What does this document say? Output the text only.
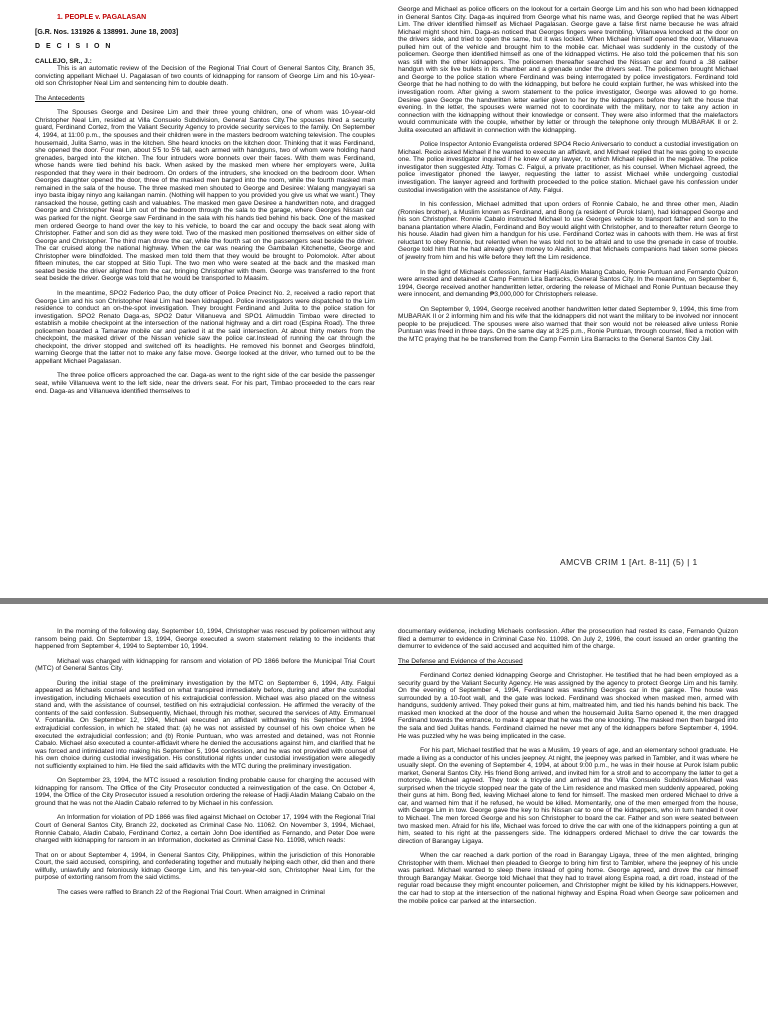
1. PEOPLE v. PAGALASAN

[G.R. Nos. 131926 & 138991. June 18, 2003]

D E C I S I O N

CALLEJO, SR., J.:

This is an automatic review of the Decision of the Regional Trial Court of General Santos City, Branch 35, convicting appellant Michael U. Pagalasan of two counts of kidnapping for ransom of George Lim and his 10-year-old son Christopher Neal Lim and sentencing him to double death.

The Antecedents

The Spouses George and Desiree Lim and their three young children, one of whom was 10-year-old Christopher Neal Lim, resided at Villa Consuelo Subdivision, General Santos City.The spouses hired a security guard, Ferdinand Cortez, from the Valiant Security Agency to provide security services to the family. On September 4, 1994, at 11:00 p.m., the spouses and their children were in the masters bedroom watching television. The couples housemaid, Julita Sarno, was in the kitchen. She heard knocks on the kitchen door. Thinking that it was Ferdinand, she opened the door. Four men, about 5'5 to 5'6 tall, each armed with handguns, two of whom were holding hand grenades, barged into the kitchen. The four intruders wore bonnets over their faces. With them was Ferdinand, whose hands were tied behind his back. When asked by the masked men where her employers were, Julita responded that they were in their bedroom. On orders of the intruders, she knocked on the bedroom door. When Georges daughter opened the door, three of the masked men barged into the room, while the fourth masked man remained in the sala of the house. The three masked men shouted to George and Desiree: Walang mangyayari sa inyo basta ibigay ninyo ang kailangan namin. (Nothing will happen to you provided you give us what we want.) They ransacked the house, getting cash and valuables. The masked men gave Desiree a handwritten note, and dragged George and Christopher Neal Lim out of the bedroom through the sala to the garage, where Georges Nissan car was parked for the night. George saw Ferdinand in the sala with his hands tied behind his back. One of the masked men ordered George to hand over the key to his vehicle, to board the car and occupy the back seat along with Christopher. Father and son did as they were told. Two of the masked men positioned themselves on either side of George and Christopher. The third man drove the car, while the fourth sat on the passengers seat beside the driver. The car cruised along the national highway. When the car was nearing the Gambalan Kitchenette, George and Christopher were blindfolded. The masked men told them that they would be brought to Polomolok. After about fifteen minutes, the car stopped at Sitio Tupi. The two men who were seated at the back and the masked man seated beside the driver alighted from the car, bringing Christopher with them. George was transferred to the front seat beside the driver. George was told that he would be transported to Maasim.

In the meantime, SPO2 Federico Pao, the duty officer of Police Precinct No. 2, received a radio report that George Lim and his son Christopher Neal Lim had been kidnapped. Police investigators were dispatched to the Lim residence to conduct an on-the-spot investigation. They brought Ferdinand and Julita to the police station for investigation. SPO2 Renato Daga-as, SPO2 Datur Villanueva and SPO1 Alimuddin Timbao were directed to establish a mobile checkpoint at the intersection of the national highway and a dirt road (Espina Road). The three policemen boarded a Tamaraw mobile car and parked it at the said intersection. At about thirty meters from the checkpoint, the masked driver of the Nissan vehicle saw the police car.Instead of running the car through the checkpoint, the driver stopped and switched off its headlights. He removed his bonnet and Georges blindfold, warning George that the latter not to make any false move. George looked at the driver, who turned out to be the appellant Michael Pagalasan.

The three police officers approached the car. Daga-as went to the right side of the car beside the passenger seat, while Villanueva went to the left side, near the drivers seat. For his part, Timbao proceeded to the cars rear end. Daga-as and Villanueva identified themselves to

George and Michael as police officers on the lookout for a certain George Lim and his son who had been kidnapped in General Santos City. Daga-as inquired from George what his name was, and George replied that he was Albert Lim. The driver identified himself as Michael Pagalasan. George gave a false first name because he was afraid Michael might shoot him. Daga-as noticed that Georges fingers were trembling. Villanueva knocked at the door on the drivers side, and tried to open the same, but it was locked. When Michael himself opened the door, Villanueva pulled him out of the vehicle and brought him to the mobile car. Michael was suddenly in the custody of the policemen. George then identified himself as one of the kidnapped victims. He also told the policemen that his son was still with the other kidnappers. The policemen thereafter searched the Nissan car and found a .38 caliber handgun with six live bullets in its chamber and a grenade under the drivers seat. The policemen brought Michael and George to the police station where Ferdinand was being interrogated by police investigators. Ferdinand told George that he had nothing to do with the kidnapping, but before he could explain further, he was whisked into the investigation room. After giving a sworn statement to the police investigator, George was allowed to go home. Desiree gave George the handwritten letter earlier given to her by the kidnappers before they left the house that evening. In the letter, the spouses were warned not to coordinate with the military, nor to take any action in connection with the kidnapping without their knowledge or consent. They were also informed that the malefactors would communicate with the couple, whether by letter or through the telephone only through MUBARAK II or 2. Julita executed an affidavit in connection with the kidnapping.

Police Inspector Antonio Evangelista ordered SPO4 Recio Aniversario to conduct a custodial investigation on Michael. Recio asked Michael if he wanted to execute an affidavit, and Michael replied that he was going to execute one. The police investigator inquired if he knew of any lawyer, to which Michael replied in the negative. The police investigator then suggested Atty. Tomas C. Falgui, a private practitioner, as his counsel. When Michael agreed, the police investigator phoned the lawyer, requesting the latter to assist Michael while undergoing custodial investigation. The lawyer agreed and forthwith proceeded to the police station. Michael gave his confession under custodial investigation with the assistance of Atty. Falgui.

In his confession, Michael admitted that upon orders of Ronnie Cabalo, he and three other men, Aladin (Ronnies brother), a Muslim known as Ferdinand, and Bong (a resident of Purok Islam), had kidnapped George and his son Christopher. Ronnie Cabalo instructed Michael to use Georges vehicle to transport father and son to the banana plantation where Aladin, Ferdinand and Boy would alight with Christopher, and to thereafter return George to his house. Aladin had given him a handgun for his use. Ferdinand Cortez was in cahoots with them. He was at first reluctant to obey Ronnie, but relented when he was told not to be afraid and to use the grenade in case of trouble. George told him that he had already given money to Aladin, and that Michaels companions had taken some pieces of jewelry from him and his wife before they left the Lim residence.

In the light of Michaels confession, farmer Hadji Aladin Malang Cabalo, Ronie Puntuan and Fernando Quizon were arrested and detained at Camp Fermin Lira Barracks, General Santos City. In the meantime, on September 6, 1994, George received another handwritten letter, ordering the release of Michael and Ronie Puntuan because they were innocent, and demanding ₱3,000,000 for Christophers release.

On September 9, 1994, George received another handwritten letter dated September 9, 1994, this time from MUBARAK II or 2 informing him and his wife that the kidnappers did not want the military to be involved nor innocent people to be prejudiced. The spouses were also warned that their son would not be released alive unless Ronie Puntuan was freed in three days. On the same day at 3:25 p.m., Ronie Puntuan, through counsel, filed a motion with the MTC praying that he be transferred from the Camp Fermin Lira Barracks to the General Santos City Jail.

AMCVB CRIM 1 [Art. 8-11] (5) | 1

In the morning of the following day, September 10, 1994, Christopher was rescued by policemen without any ransom being paid. On September 13, 1994, George executed a sworn statement relating to the incidents that happened from September 4, 1994 to September 10, 1994.

Michael was charged with kidnapping for ransom and violation of PD 1866 before the Municipal Trial Court (MTC) of General Santos City.

During the initial stage of the preliminary investigation by the MTC on September 6, 1994, Atty. Falgui appeared as Michaels counsel and testified on what transpired immediately before, during and after the custodial investigation, including Michaels execution of his extrajudicial confession. Michael was also placed on the witness stand and, with the assistance of counsel, testified on his extrajudicial confession. He affirmed the veracity of the contents of the said confession. Subsequently, Michael, through his mother, secured the services of Atty. Emmanuel V. Fontanilla. On September 12, 1994, Michael executed an affidavit withdrawing his September 5, 1994 extrajudicial confession, in which he stated that: (a) he was not assisted by counsel of his own choice when he executed the extrajudicial confession; and (b) Ronie Puntuan, who was arrested and detained, was not Ronnie Cabalo. Michael also executed a counter-affidavit where he denied the accusations against him, and clarified that he was forced and intimidated into making his September 5, 1994 confession, and he was not provided with counsel of his own choice during custodial investigation. His constitutional rights under custodial investigation were allegedly not sufficiently explained to him. He filed the said affidavits with the MTC during the preliminary investigation.

On September 23, 1994, the MTC issued a resolution finding probable cause for charging the accused with kidnapping for ransom. The Office of the City Prosecutor conducted a reinvestigation of the case. On October 4, 1994, the Office of the City Prosecutor issued a resolution ordering the release of Hadji Aladin Malang Cabalo on the ground that he was not the Aladin Cabalo referred to by Michael in his confession.

An Information for violation of PD 1866 was filed against Michael on October 17, 1994 with the Regional Trial Court of General Santos City, Branch 22, docketed as Criminal Case No. 11062. On November 3, 1994, Michael, Ronnie Cabalo, Aladin Cabalo, Ferdinand Cortez, a certain John Doe identified as Fernando, and Peter Doe were charged with kidnapping for ransom in an Information, docketed as Criminal Case No. 11098, which reads:

That on or about September 4, 1994, in General Santos City, Philippines, within the jurisdiction of this Honorable Court, the said accused, conspiring, and confederating together and mutually helping each other, did then and there willfully, unlawfully and feloniously kidnap George Lim, and his ten-year-old son, Christopher Neal Lim, for the purpose of extorting ransom from the said victims.

The cases were raffled to Branch 22 of the Regional Trial Court. When arraigned in Criminal

documentary evidence, including Michaels confession. After the prosecution had rested its case, Fernando Quizon filed a demurrer to evidence in Criminal Case No. 11098. On July 2, 1996, the court issued an order granting the demurrer to evidence of the said accused and acquitted him of the charge.

The Defense and Evidence of the Accused

Ferdinand Cortez denied kidnapping George and Christopher. He testified that he had been employed as a security guard by the Valiant Security Agency. He was assigned by the agency to protect George Lim and his family. On the evening of September 4, 1994, Ferdinand was washing Georges car in the garage. The house was surrounded by a 10-foot wall, and the gate was locked. Ferdinand was shocked when masked men, armed with handguns, suddenly arrived. They poked their guns at him, maltreated him, and tied his hands behind his back. The masked men knocked at the door of the house and when the housemaid Julita Sarno opened it, the men dragged Ferdinand towards the entrance, to make it appear that he was the one knocking. The masked men then barged into the sala and tied Julitas hands. Ferdinand claimed he never met any of the kidnappers before September 4, 1994. He was puzzled why he was being implicated in the case.

For his part, Michael testified that he was a Muslim, 19 years of age, and an elementary school graduate. He made a living as a conductor of his uncles jeepney. At night, the jeepney was parked in Tambler, and it was where he usually slept. On the evening of September 4, 1994, at about 9:00 p.m., he was in their house at Purok Islam public market, General Santos City. His friend Bong arrived, and invited him for a stroll and to accompany the latter to get a motorcycle. Michael agreed. They took a tricycle and arrived at the Villa Consuelo Subdivision.Michael was surprised when the tricycle stopped near the gate of the Lim residence and masked men suddenly appeared, poking their guns at him. Bong fled, leaving Michael alone to fend for himself. The masked men ordered Michael to drive a car, and warned him that if he refused, he would be killed. Momentarily, one of the men emerged from the house, with George Lim in tow. George gave the key to his Nissan car to one of the kidnappers, who in turn handed it over to Michael. The men forced George and his son Christopher to board the car. Father and son were seated between two masked men. Afraid for his life, Michael was forced to drive the car with one of the kidnappers pointing a gun at him, seated to his right at the passengers side. The kidnappers ordered Michael to drive the car towards the direction of Barangay Ligaya.

When the car reached a dark portion of the road in Barangay Ligaya, three of the men alighted, bringing Christopher with them. Michael then pleaded to George to bring him first to Tambler, where the jeepney of his uncle was parked. Michael wanted to sleep there instead of going home. George agreed, and drove the car himself through Barangay Makar. George told Michael that they had to travel along Espina road, a dirt road, instead of the regular road because they might encounter policemen, and Christopher might be killed by his kidnappers.However, the car had to stop at the intersection of the national highway and Espina Road when George saw policemen and the mobile police car parked at the intersection.
